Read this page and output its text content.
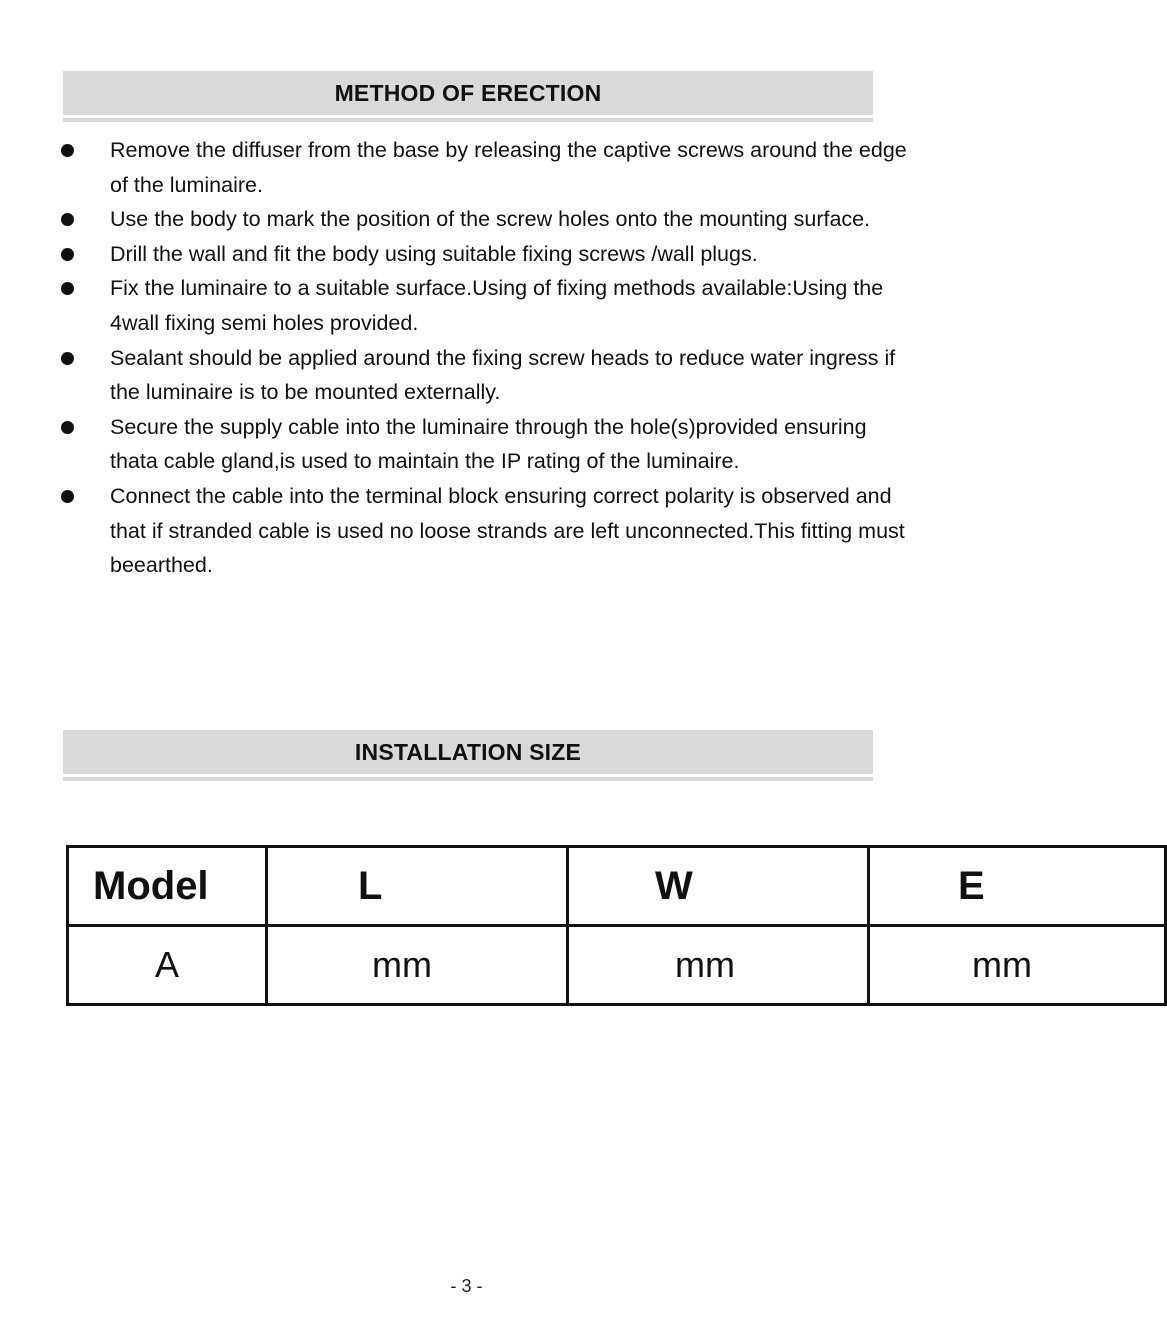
METHOD OF ERECTION
Remove the diffuser from the base by releasing the captive screws around the edge of the luminaire.
Use the body to mark the position of the screw holes onto the mounting surface.
Drill the wall and fit the body using suitable fixing screws /wall plugs.
Fix the luminaire to a suitable surface.Using of fixing methods available:Using the 4wall fixing semi holes provided.
Sealant should be applied around the fixing screw heads to reduce water ingress if the luminaire is to be mounted externally.
Secure the supply cable into the luminaire through the hole(s)provided ensuring thata cable gland,is used to maintain the IP rating of the luminaire.
Connect the cable into the terminal block ensuring correct polarity is observed and that if stranded cable is used no loose strands are left unconnected.This fitting must beearthed.
INSTALLATION SIZE
Model	L	W	E
A	mm	mm	mm
- 3 -
